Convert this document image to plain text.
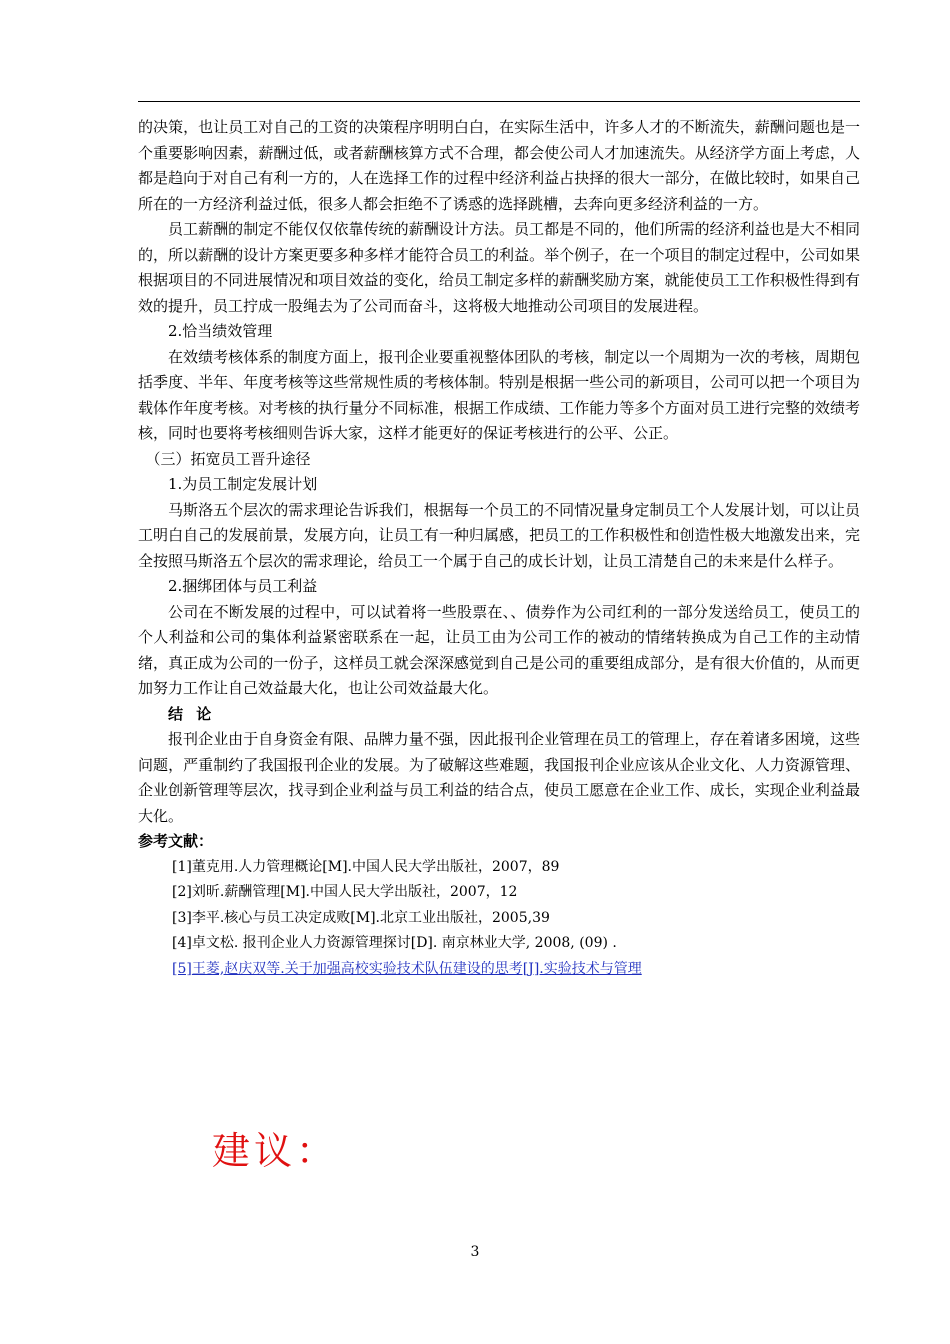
的决策，也让员工对自己的工资的决策程序明明白白，在实际生活中，许多人才的不断流失，薪酬问题也是一个重要影响因素，薪酬过低，或者薪酬核算方式不合理，都会使公司人才加速流失。从经济学方面上考虑，人都是趋向于对自己有利一方的，人在选择工作的过程中经济利益占抉择的很大一部分，在做比较时，如果自己所在的一方经济利益过低，很多人都会拒绝不了诱惑的选择跳槽，去奔向更多经济利益的一方。

员工薪酬的制定不能仅仅依靠传统的薪酬设计方法。员工都是不同的，他们所需的经济利益也是大不相同的，所以薪酬的设计方案更要多种多样才能符合员工的利益。举个例子，在一个项目的制定过程中，公司如果根据项目的不同进展情况和项目效益的变化，给员工制定多样的薪酬奖励方案，就能使员工工作积极性得到有效的提升，员工拧成一股绳去为了公司而奋斗，这将极大地推动公司项目的发展进程。

2.恰当绩效管理

在效绩考核体系的制度方面上，报刊企业要重视整体团队的考核，制定以一个周期为一次的考核，周期包括季度、半年、年度考核等这些常规性质的考核体制。特别是根据一些公司的新项目，公司可以把一个项目为载体作年度考核。对考核的执行量分不同标准，根据工作成绩、工作能力等多个方面对员工进行完整的效绩考核，同时也要将考核细则告诉大家，这样才能更好的保证考核进行的公平、公正。

（三）拓宽员工晋升途径

1.为员工制定发展计划

马斯洛五个层次的需求理论告诉我们，根据每一个员工的不同情况量身定制员工个人发展计划，可以让员工明白自己的发展前景，发展方向，让员工有一种归属感，把员工的工作积极性和创造性极大地激发出来，完全按照马斯洛五个层次的需求理论，给员工一个属于自己的成长计划，让员工清楚自己的未来是什么样子。

2.捆绑团体与员工利益

公司在不断发展的过程中，可以试着将一些股票在、、债券作为公司红利的一部分发送给员工，使员工的个人利益和公司的集体利益紧密联系在一起，让员工由为公司工作的被动的情绪转换成为自己工作的主动情绪，真正成为公司的一份子，这样员工就会深深感觉到自己是公司的重要组成部分，是有很大价值的，从而更加努力工作让自己效益最大化，也让公司效益最大化。

结 论

报刊企业由于自身资金有限、品牌力量不强，因此报刊企业管理在员工的管理上，存在着诸多困境，这些问题，严重制约了我国报刊企业的发展。为了破解这些难题，我国报刊企业应该从企业文化、人力资源管理、企业创新管理等层次，找寻到企业利益与员工利益的结合点，使员工愿意在企业工作、成长，实现企业利益最大化。

参考文献：

[1]董克用.人力管理概论[M].中国人民大学出版社，2007，89

[2]刘昕.薪酬管理[M].中国人民大学出版社，2007，12

[3]李平.核心与员工决定成败[M].北京工业出版社，2005,39

[4]卓文松. 报刊企业人力资源管理探讨[D]. 南京林业大学, 2008, (09) .

[5]王菱,赵庆双等.关于加强高校实验技术队伍建设的思考[J].实验技术与管理

建议：

3
